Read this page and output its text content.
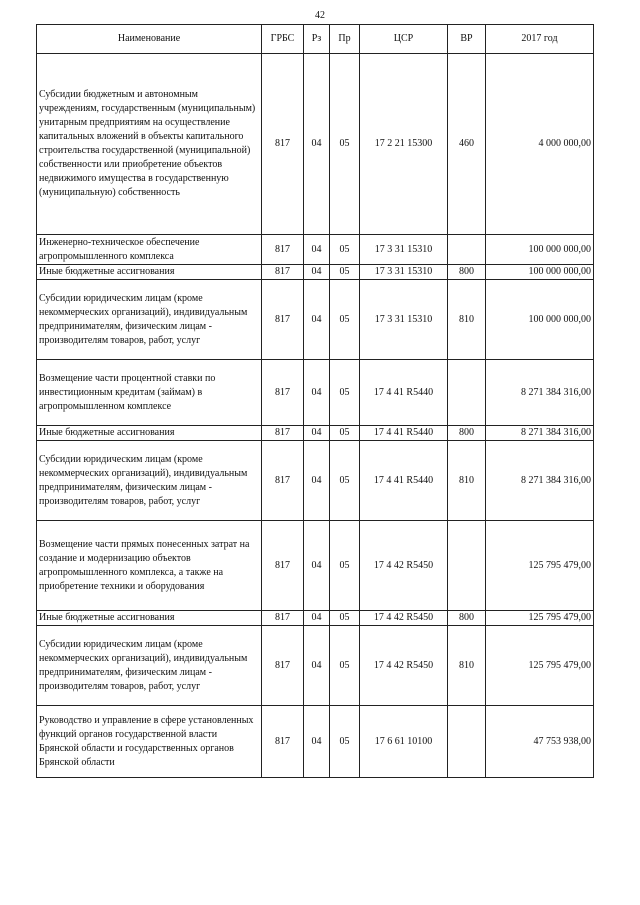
42
Наименование	ГРБС	Рз	Пр	ЦСР	ВР	2017 год
Субсидии бюджетным и автономным учреждениям, государственным (муниципальным) унитарным предприятиям на осуществление капитальных вложений в объекты капитального строительства государственной (муниципальной) собственности или приобретение объектов недвижимого имущества в государственную (муниципальную) собственность	817	04	05	17 2 21 15300	460	4 000 000,00
Инженерно-техническое обеспечение агропромышленного комплекса	817	04	05	17 3 31 15310		100 000 000,00
Иные бюджетные ассигнования	817	04	05	17 3 31 15310	800	100 000 000,00
Субсидии юридическим лицам (кроме некоммерческих организаций), индивидуальным предпринимателям, физическим лицам - производителям товаров, работ, услуг	817	04	05	17 3 31 15310	810	100 000 000,00
Возмещение части процентной ставки по инвестиционным кредитам (займам) в агропромышленном комплексе	817	04	05	17 4 41 R5440		8 271 384 316,00
Иные бюджетные ассигнования	817	04	05	17 4 41 R5440	800	8 271 384 316,00
Субсидии юридическим лицам (кроме некоммерческих организаций), индивидуальным предпринимателям, физическим лицам - производителям товаров, работ, услуг	817	04	05	17 4 41 R5440	810	8 271 384 316,00
Возмещение части прямых понесенных затрат на создание и модернизацию объектов агропромышленного комплекса, а также на приобретение техники и оборудования	817	04	05	17 4 42 R5450		125 795 479,00
Иные бюджетные ассигнования	817	04	05	17 4 42 R5450	800	125 795 479,00
Субсидии юридическим лицам (кроме некоммерческих организаций), индивидуальным предпринимателям, физическим лицам - производителям товаров, работ, услуг	817	04	05	17 4 42 R5450	810	125 795 479,00
Руководство и управление в сфере установленных функций органов государственной власти Брянской области и государственных органов Брянской области	817	04	05	17 6 61 10100		47 753 938,00
